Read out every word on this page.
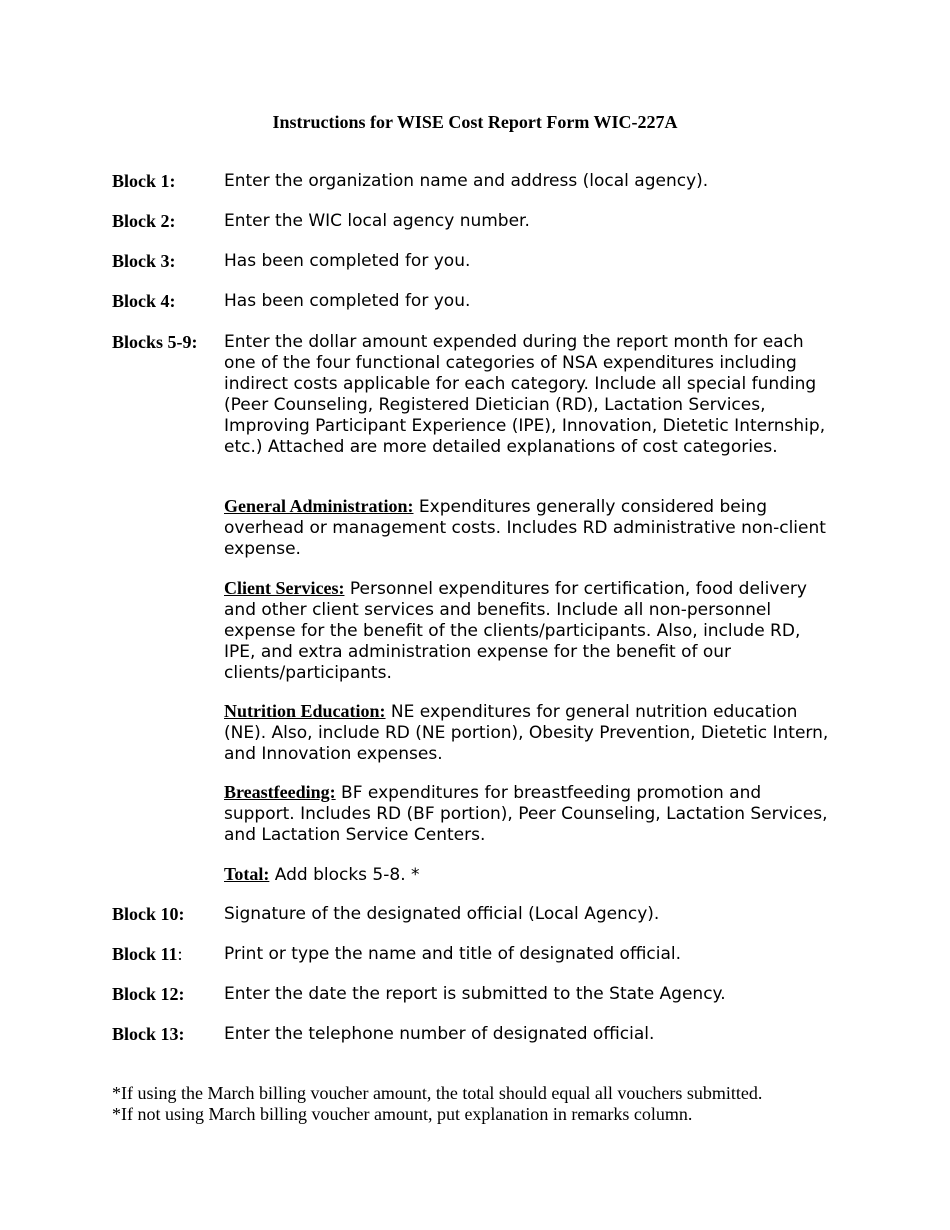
Instructions for WISE Cost Report Form WIC-227A
Block 1:	Enter the organization name and address (local agency).
Block 2:	Enter the WIC local agency number.
Block 3:	Has been completed for you.
Block 4:	Has been completed for you.
Blocks 5-9: Enter the dollar amount expended during the report month for each one of the four functional categories of NSA expenditures including indirect costs applicable for each category. Include all special funding (Peer Counseling, Registered Dietician (RD), Lactation Services, Improving Participant Experience (IPE), Innovation, Dietetic Internship, etc.) Attached are more detailed explanations of cost categories.
General Administration: Expenditures generally considered being overhead or management costs. Includes RD administrative non-client expense.
Client Services: Personnel expenditures for certification, food delivery and other client services and benefits. Include all non-personnel expense for the benefit of the clients/participants. Also, include RD, IPE, and extra administration expense for the benefit of our clients/participants.
Nutrition Education: NE expenditures for general nutrition education (NE). Also, include RD (NE portion), Obesity Prevention, Dietetic Intern, and Innovation expenses.
Breastfeeding: BF expenditures for breastfeeding promotion and support. Includes RD (BF portion), Peer Counseling, Lactation Services, and Lactation Service Centers.
Total: Add blocks 5-8. *
Block 10: Signature of the designated official (Local Agency).
Block 11: Print or type the name and title of designated official.
Block 12: Enter the date the report is submitted to the State Agency.
Block 13: Enter the telephone number of designated official.
*If using the March billing voucher amount, the total should equal all vouchers submitted.
*If not using March billing voucher amount, put explanation in remarks column.
